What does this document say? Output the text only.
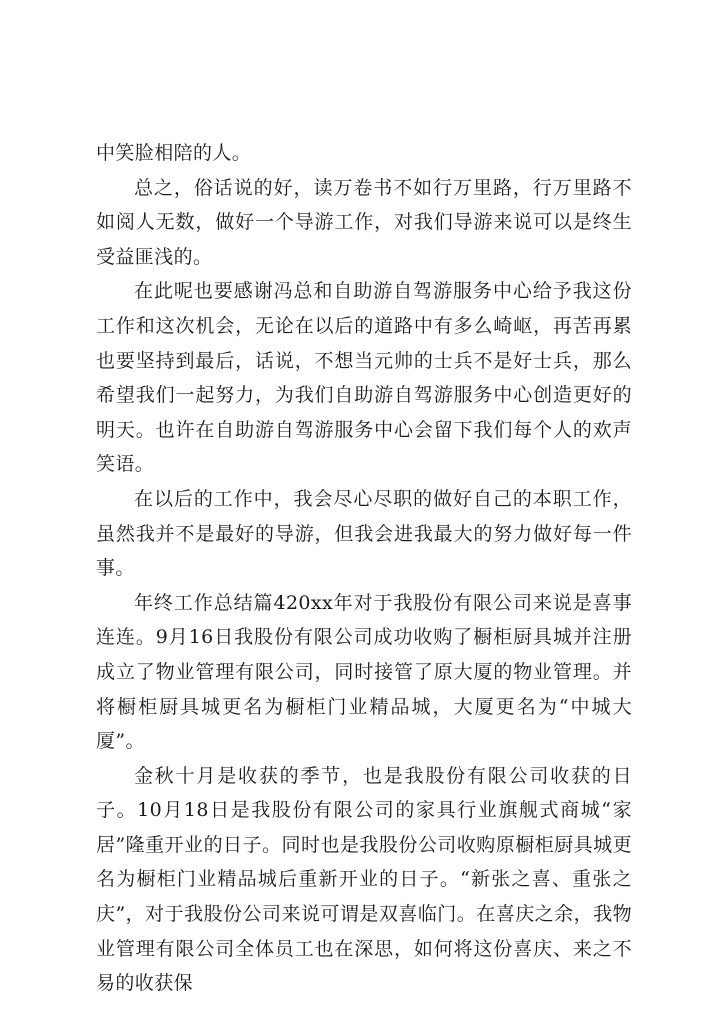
中笑脸相陪的人。

总之，俗话说的好，读万卷书不如行万里路，行万里路不如阅人无数，做好一个导游工作，对我们导游来说可以是终生受益匪浅的。

在此呢也要感谢冯总和自助游自驾游服务中心给予我这份工作和这次机会，无论在以后的道路中有多么崎岖，再苦再累也要坚持到最后，话说，不想当元帅的士兵不是好士兵，那么希望我们一起努力，为我们自助游自驾游服务中心创造更好的明天。也许在自助游自驾游服务中心会留下我们每个人的欢声笑语。

在以后的工作中，我会尽心尽职的做好自己的本职工作，虽然我并不是最好的导游，但我会进我最大的努力做好每一件事。

年终工作总结篇420xx年对于我股份有限公司来说是喜事连连。9月16日我股份有限公司成功收购了橱柜厨具城并注册成立了物业管理有限公司，同时接管了原大厦的物业管理。并将橱柜厨具城更名为橱柜门业精品城，大厦更名为“中城大厦”。

金秋十月是收获的季节，也是我股份有限公司收获的日子。10月18日是我股份有限公司的家具行业旗舰式商城“家居”隆重开业的日子。同时也是我股份公司收购原橱柜厨具城更名为橱柜门业精品城后重新开业的日子。“新张之喜、重张之庆”，对于我股份公司来说可谓是双喜临门。在喜庆之余，我物业管理有限公司全体员工也在深思，如何将这份喜庆、来之不易的收获保
